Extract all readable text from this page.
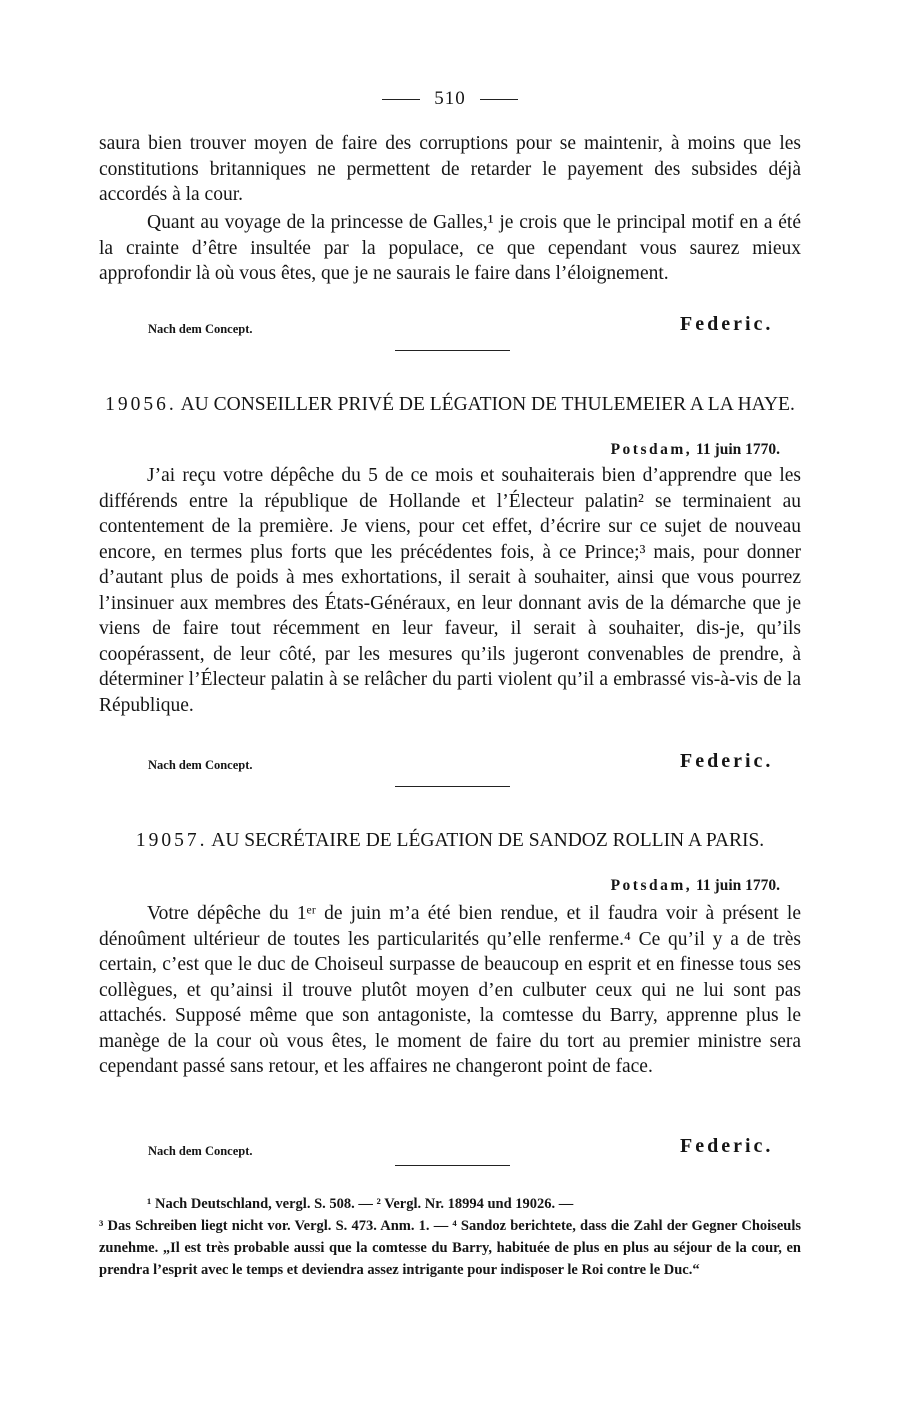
510

saura bien trouver moyen de faire des corruptions pour se maintenir, à moins que les constitutions britanniques ne permettent de retarder le payement des subsides déjà accordés à la cour.

Quant au voyage de la princesse de Galles,¹ je crois que le principal motif en a été la crainte d’être insultée par la populace, ce que cependant vous saurez mieux approfondir là où vous êtes, que je ne saurais le faire dans l’éloignement.

Nach dem Concept.	Federic.

19056. AU CONSEILLER PRIVÉ DE LÉGATION DE THULEMEIER A LA HAYE.

Potsdam, 11 juin 1770.

J’ai reçu votre dépêche du 5 de ce mois et souhaiterais bien d’apprendre que les différends entre la république de Hollande et l’Électeur palatin² se terminaient au contentement de la première. Je viens, pour cet effet, d’écrire sur ce sujet de nouveau encore, en termes plus forts que les précédentes fois, à ce Prince;³ mais, pour donner d’autant plus de poids à mes exhortations, il serait à souhaiter, ainsi que vous pourrez l’insinuer aux membres des États-Généraux, en leur donnant avis de la démarche que je viens de faire tout récemment en leur faveur, il serait à souhaiter, dis-je, qu’ils coopérassent, de leur côté, par les mesures qu’ils jugeront convenables de prendre, à déterminer l’Électeur palatin à se relâcher du parti violent qu’il a embrassé vis-à-vis de la République.

Nach dem Concept.	Federic.

19057. AU SECRÉTAIRE DE LÉGATION DE SANDOZ ROLLIN A PARIS.

Potsdam, 11 juin 1770.

Votre dépêche du 1ᵉʳ de juin m’a été bien rendue, et il faudra voir à présent le dénoûment ultérieur de toutes les particularités qu’elle renferme.⁴ Ce qu’il y a de très certain, c’est que le duc de Choiseul surpasse de beaucoup en esprit et en finesse tous ses collègues, et qu’ainsi il trouve plutôt moyen d’en culbuter ceux qui ne lui sont pas attachés. Supposé même que son antagoniste, la comtesse du Barry, apprenne plus le manège de la cour où vous êtes, le moment de faire du tort au premier ministre sera cependant passé sans retour, et les affaires ne changeront point de face.

Nach dem Concept.	Federic.
¹ Nach Deutschland, vergl. S. 508. — ² Vergl. Nr. 18994 und 19026. —
³ Das Schreiben liegt nicht vor. Vergl. S. 473. Anm. 1. — ⁴ Sandoz berichtete, dass die Zahl der Gegner Choiseuls zunehme. „Il est très probable aussi que la comtesse du Barry, habituée de plus en plus au séjour de la cour, en prendra l’esprit avec le temps et deviendra assez intrigante pour indisposer le Roi contre le Duc.“
